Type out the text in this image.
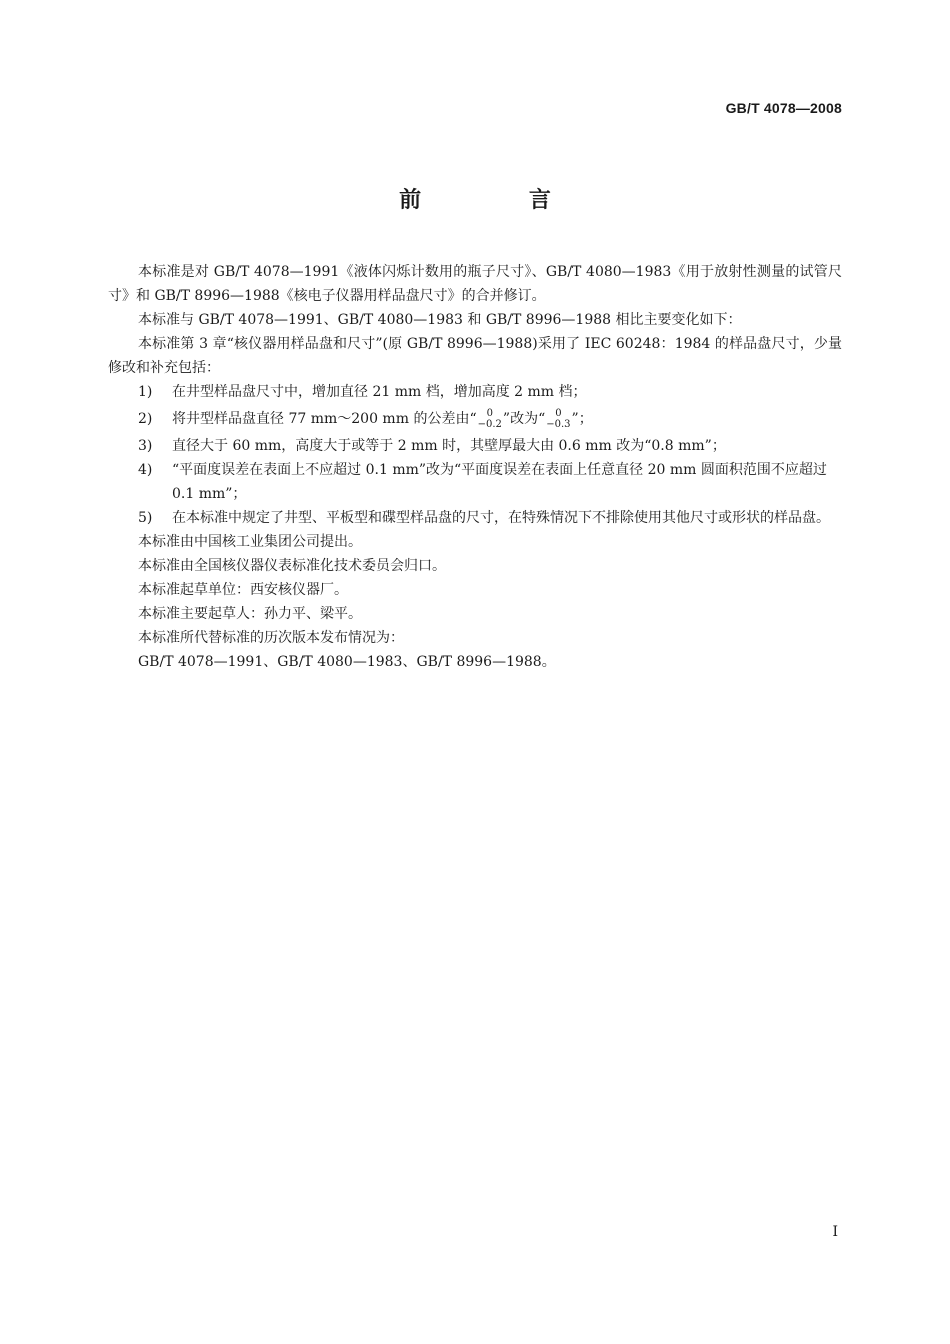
GB/T 4078—2008
前 言

本标准是对 GB/T 4078—1991《液体闪烁计数用的瓶子尺寸》、GB/T 4080—1983《用于放射性测量的试管尺寸》和 GB/T 8996—1988《核电子仪器用样品盘尺寸》的合并修订。

本标准与 GB/T 4078—1991、GB/T 4080—1983 和 GB/T 8996—1988 相比主要变化如下：

本标准第 3 章“核仪器用样品盘和尺寸”(原 GB/T 8996—1988)采用了 IEC 60248：1984 的样品盘尺寸，少量修改和补充包括：

1) 在井型样品盘尺寸中，增加直径 21 mm 档，增加高度 2 mm 档；

2) 将井型样品盘直径 77 mm～200 mm 的公差由“ 0
−0.2 ”改为“ 0
−0.3 ”；

3) 直径大于 60 mm，高度大于或等于 2 mm 时，其壁厚最大由 0.6 mm 改为“0.8 mm”；

4) “平面度误差在表面上不应超过 0.1 mm”改为“平面度误差在表面上任意直径 20 mm 圆面积范围不应超过 0.1 mm”；

5) 在本标准中规定了井型、平板型和碟型样品盘的尺寸，在特殊情况下不排除使用其他尺寸或形状的样品盘。

本标准由中国核工业集团公司提出。

本标准由全国核仪器仪表标准化技术委员会归口。

本标准起草单位：西安核仪器厂。

本标准主要起草人：孙力平、梁平。

本标准所代替标准的历次版本发布情况为：

GB/T 4078—1991、GB/T 4080—1983、GB/T 8996—1988。

I
